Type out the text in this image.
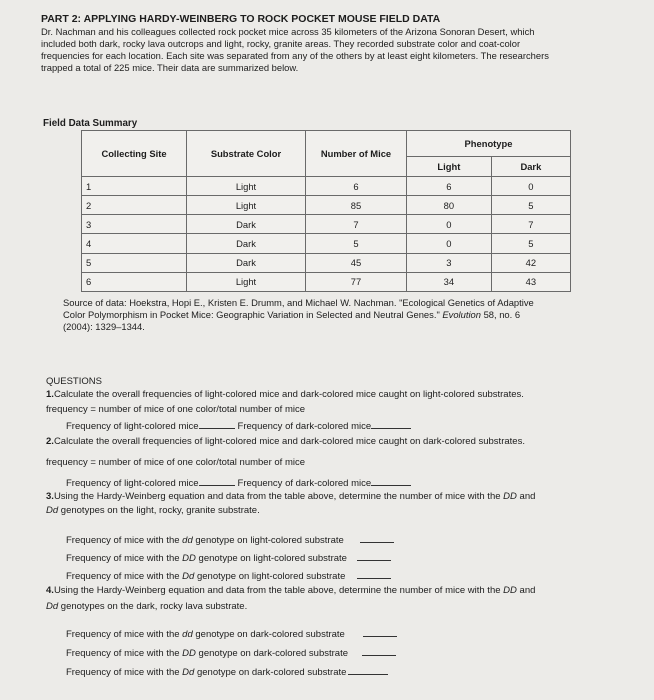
PART 2: APPLYING HARDY-WEINBERG TO ROCK POCKET MOUSE FIELD DATA
Dr. Nachman and his colleagues collected rock pocket mice across 35 kilometers of the Arizona Sonoran Desert, which
included both dark, rocky lava outcrops and light, rocky, granite areas. They recorded substrate color and coat-color
frequencies for each location. Each site was separated from any of the others by at least eight kilometers. The researchers
trapped a total of 225 mice. Their data are summarized below.
Field Data Summary
Collecting Site	Substrate Color	Number of Mice	Phenotype	
			Light	Dark
1	Light	6	6	0
2	Light	85	80	5
3	Dark	7	0	7
4	Dark	5	0	5
5	Dark	45	3	42
6	Light	77	34	43
Source of data: Hoekstra, Hopi E., Kristen E. Drumm, and Michael W. Nachman. "Ecological Genetics of Adaptive
Color Polymorphism in Pocket Mice: Geographic Variation in Selected and Neutral Genes." Evolution 58, no. 6
(2004): 1329–1344.
QUESTIONS
1.Calculate the overall frequencies of light-colored mice and dark-colored mice caught on light-colored substrates.
frequency = number of mice of one color/total number of mice
Frequency of light-colored mice	Frequency of dark-colored mice
2.Calculate the overall frequencies of light-colored mice and dark-colored mice caught on dark-colored substrates.
frequency = number of mice of one color/total number of mice
Frequency of light-colored mice	Frequency of dark-colored mice
3.Using the Hardy-Weinberg equation and data from the table above, determine the number of mice with the DD and
Dd genotypes on the light, rocky, granite substrate.
Frequency of mice with the dd genotype on light-colored substrate
Frequency of mice with the DD genotype on light-colored substrate
Frequency of mice with the Dd genotype on light-colored substrate
4.Using the Hardy-Weinberg equation and data from the table above, determine the number of mice with the DD and
Dd genotypes on the dark, rocky lava substrate.
Frequency of mice with the dd genotype on dark-colored substrate
Frequency of mice with the DD genotype on dark-colored substrate
Frequency of mice with the Dd genotype on dark-colored substrate
